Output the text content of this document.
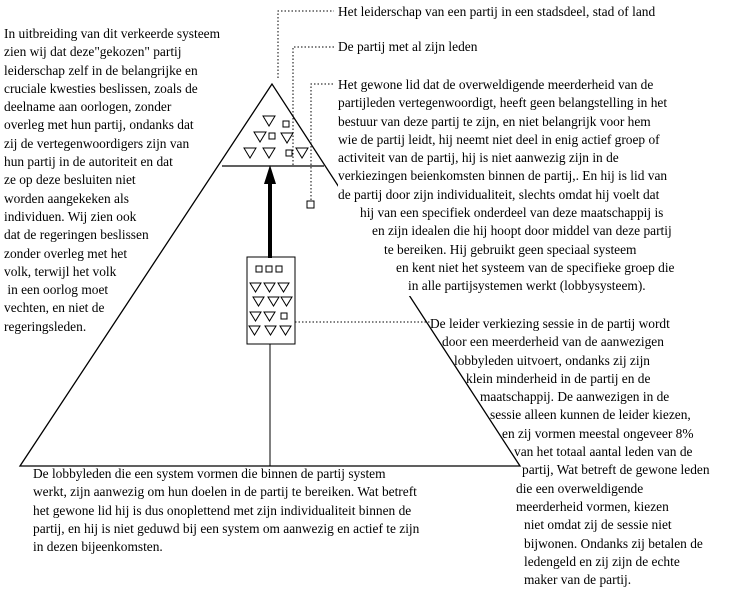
Het leiderschap van een partij in een stadsdeel, stad of land
De partij met al zijn leden
In uitbreiding van dit verkeerde systeem
zien wij dat deze"gekozen" partij
leiderschap zelf in de belangrijke en
cruciale kwesties beslissen, zoals de
deelname aan oorlogen, zonder
overleg met hun partij, ondanks dat
zij de vertegenwoordigers zijn van
hun partij in de autoriteit en dat
ze op deze besluiten niet
worden aangekeken als
individuen. Wij zien ook
dat de regeringen beslissen
zonder overleg met het
volk, terwijl het volk
in een oorlog moet
vechten, en niet de
regeringsleden.
Het gewone lid dat de overweldigende meerderheid van de
partijleden vertegenwoordigt, heeft geen belangstelling in het
bestuur van deze partij te zijn, en niet belangrijk voor hem
wie de partij leidt, hij neemt niet deel in enig actief groep of
activiteit van de partij, hij is niet aanwezig zijn in de
verkiezingen beienkomsten binnen de partij,. En hij is lid van
de partij door zijn individualiteit, slechts omdat hij voelt dat
hij van een specifiek onderdeel van deze maatschappij is
en zijn idealen die hij hoopt door middel van deze partij
te bereiken. Hij gebruikt geen speciaal systeem
en kent niet het systeem van de specifieke groep die
in alle partijsystemen werkt (lobbysysteem).
De leider verkiezing sessie in de partij wordt
door een meerderheid van de aanwezigen
lobbyleden uitvoert, ondanks zij zijn
klein minderheid in de partij en de
maatschappij. De aanwezigen in de
sessie alleen kunnen de leider kiezen,
en zij vormen meestal ongeveer 8%
van het totaal aantal leden van de
partij, Wat betreft de gewone leden
die een overweldigende
meerderheid vormen, kiezen
niet omdat zij de sessie niet
bijwonen. Ondanks zij betalen de
ledengeld en zij zijn de echte
maker van de partij.
De lobbyleden die een system vormen die binnen de partij system
werkt, zijn aanwezig om hun doelen in de partij te bereiken. Wat betreft
het gewone lid hij is dus onoplettend met zijn individualiteit binnen de
partij, en hij is niet geduwd bij een system om aanwezig en actief te zijn
in dezen bijeenkomsten.
